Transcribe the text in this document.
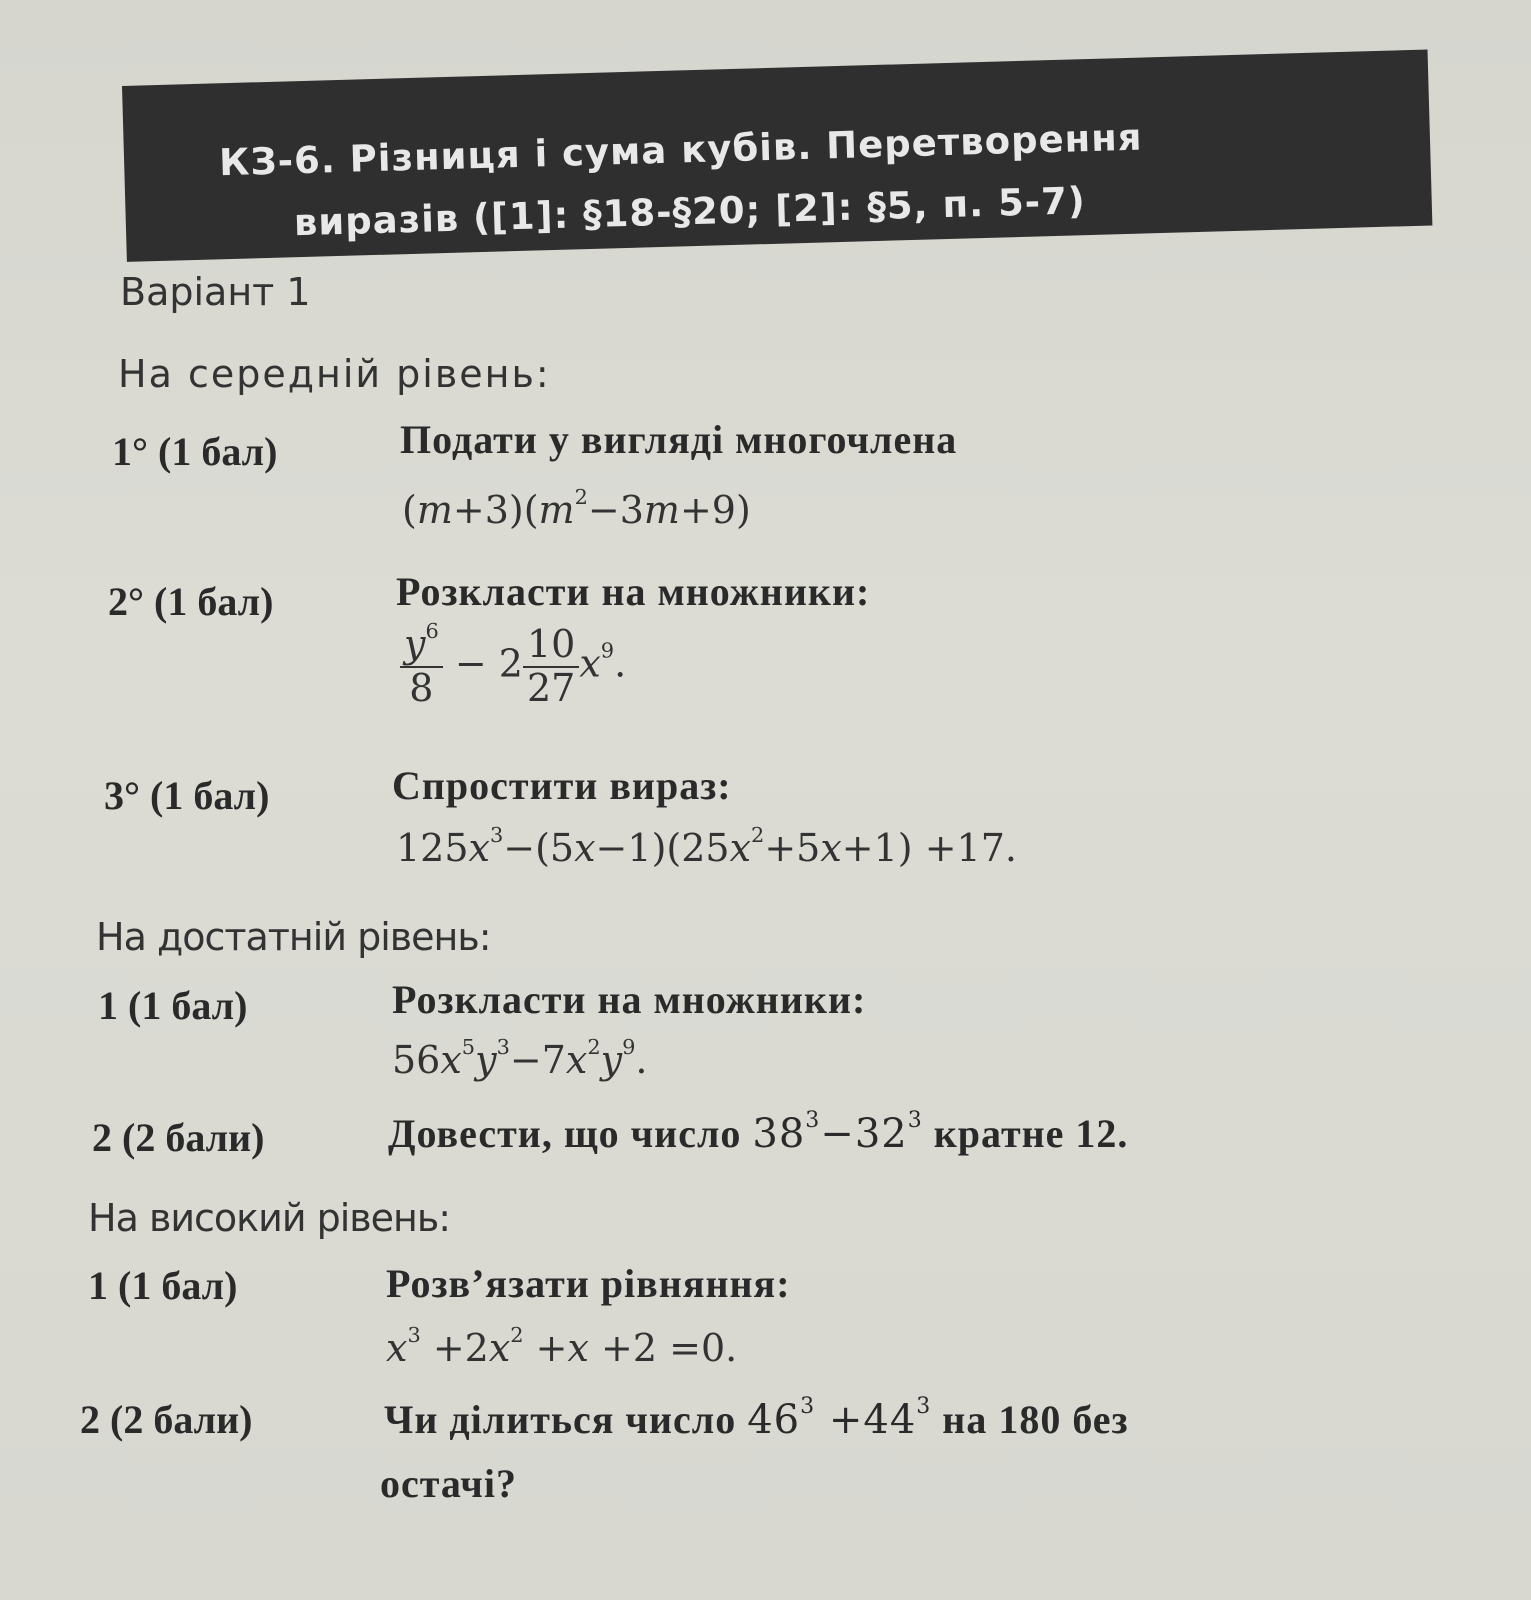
КЗ-6. Різниця і сума кубів. Перетворення
виразів ([1]: §18-§20; [2]: §5, п. 5-7)
Варіант 1
На середній рівень:
1° (1 бал)	Подати у вигляді многочлена
$(m+3)(m^2-3m+9)$
2° (1 бал)	Розкласти на множники:
$\frac{y^6}{8} - 2 \frac{10}{27} x^9$.
3° (1 бал)	Спростити вираз:
$125x^3-(5x-1)(25x^2+5x+1) +17$.
На достатній рівень:
1 (1 бал)	Розкласти на множники:
$56x^5y^3-7x^2y^9$.
2 (2 бали)	Довести, що число $38^3-32^3$ кратне 12.
На високий рівень:
1 (1 бал)	Розв’язати рівняння:
$x^3 +2x^2 +x +2 =0$.
2 (2 бали)	Чи ділиться число $46^3 +44^3$ на 180 без
остачі?
